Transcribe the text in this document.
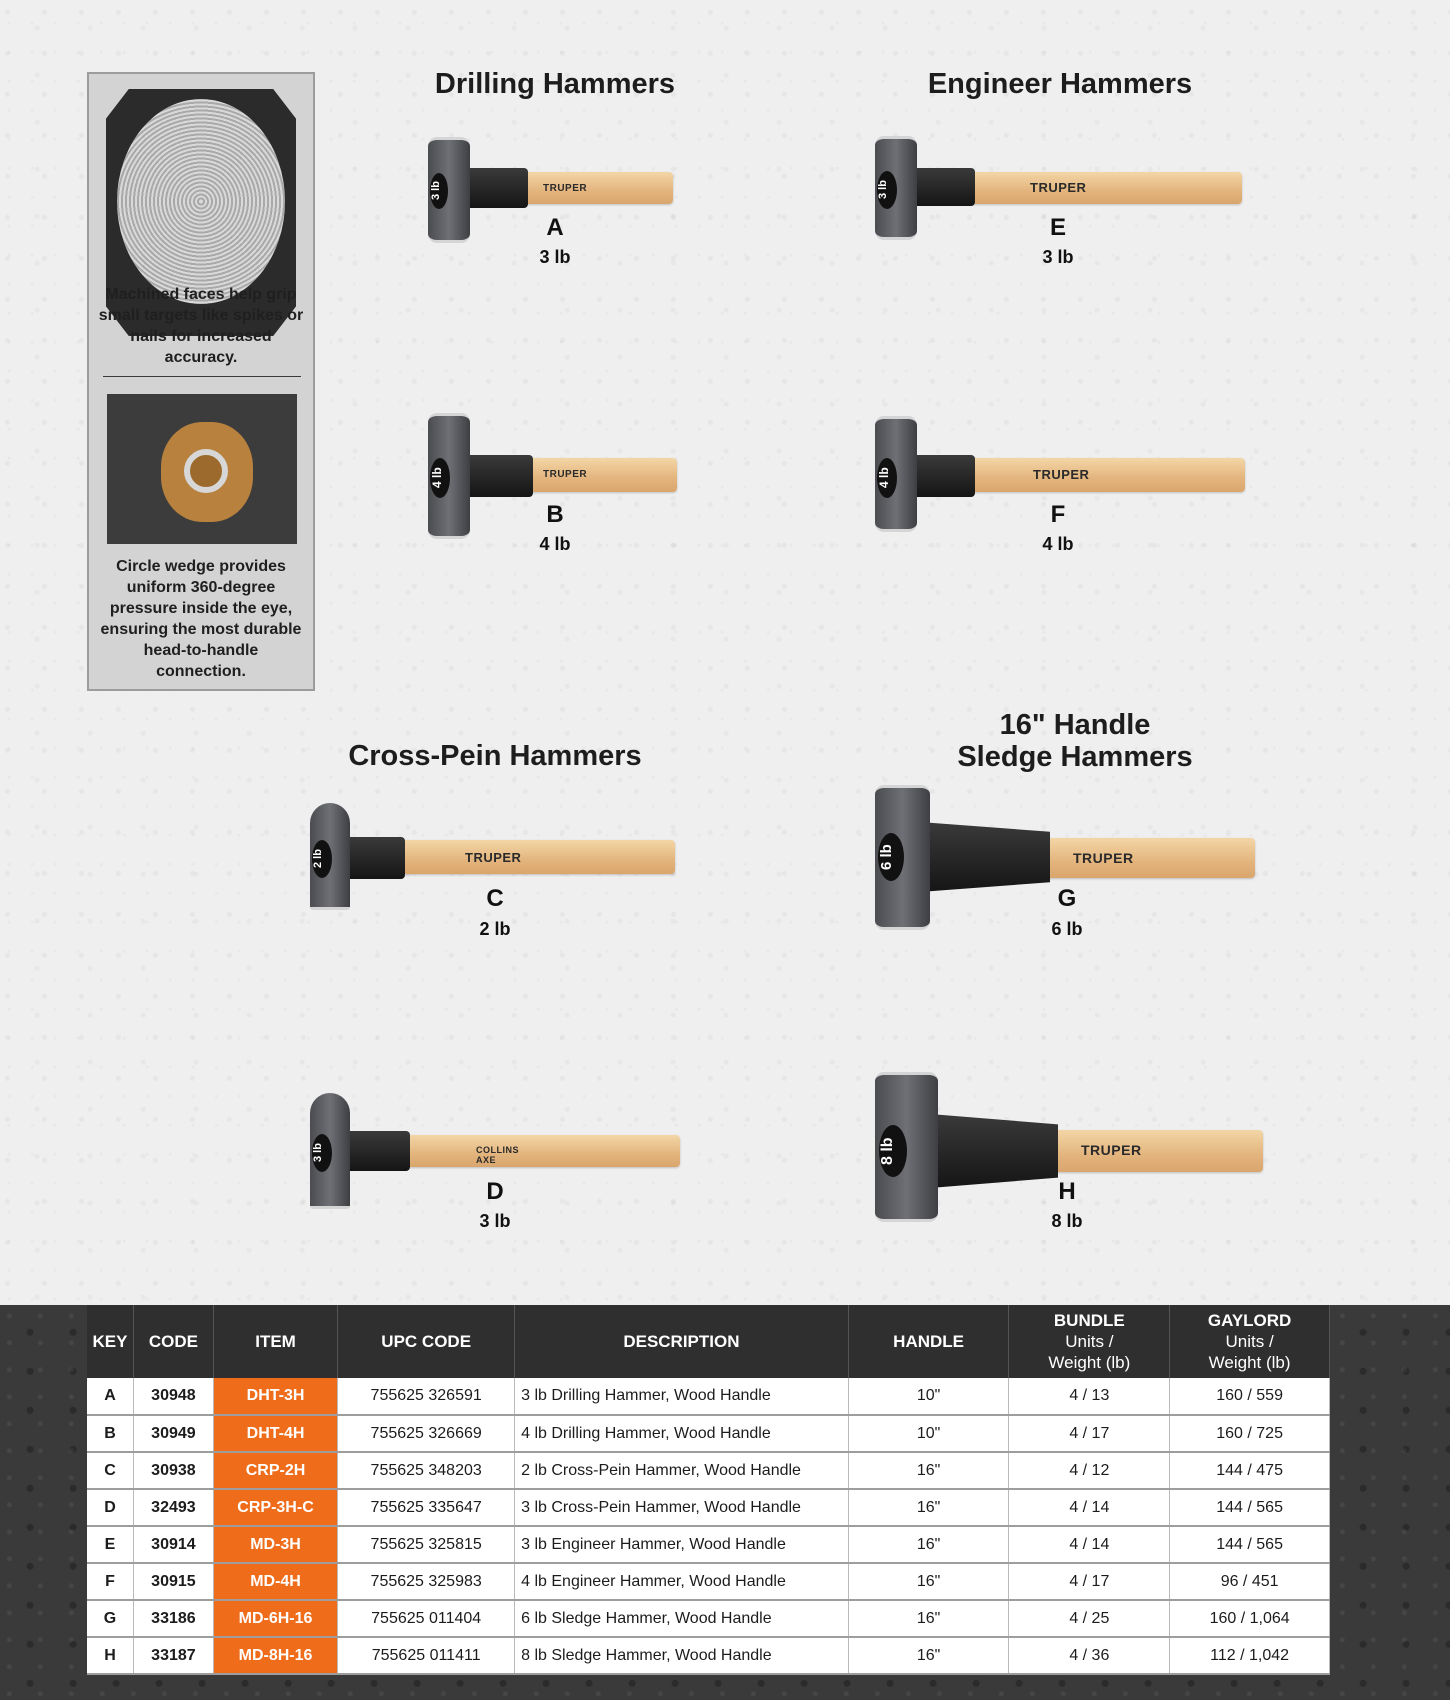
Machined faces help grip small targets like spikes or nails for increased accuracy.
Circle wedge provides uniform 360-degree pressure inside the eye, ensuring the most durable head-to-handle connection.
Drilling Hammers	Engineer Hammers
Cross-Pein Hammers
16" Handle
Sledge Hammers
3 lb	TRUPER
A
3 lb
4 lb	TRUPER
B
4 lb
3 lb	TRUPER
E
3 lb
4 lb	TRUPER
F
4 lb
2 lb	TRUPER
C
2 lb
3 lb	COLLINS AXE
D
3 lb
6 lb	TRUPER
G
6 lb
8 lb	TRUPER
H
8 lb
KEY	CODE	ITEM	UPC CODE	DESCRIPTION	HANDLE	BUNDLE
Units /
Weight (lb)	GAYLORD
Units /
Weight (lb)

A	30948	DHT-3H	755625 326591	3 lb Drilling Hammer, Wood Handle	10"	4 / 13	160 / 559
B	30949	DHT-4H	755625 326669	4 lb Drilling Hammer, Wood Handle	10"	4 / 17	160 / 725
C	30938	CRP-2H	755625 348203	2 lb Cross-Pein Hammer, Wood Handle	16"	4 / 12	144 / 475
D	32493	CRP-3H-C	755625 335647	3 lb Cross-Pein Hammer, Wood Handle	16"	4 / 14	144 / 565
E	30914	MD-3H	755625 325815	3 lb Engineer Hammer, Wood Handle	16"	4 / 14	144 / 565
F	30915	MD-4H	755625 325983	4 lb Engineer Hammer, Wood Handle	16"	4 / 17	96 / 451
G	33186	MD-6H-16	755625 011404	6 lb Sledge Hammer, Wood Handle	16"	4 / 25	160 / 1,064
H	33187	MD-8H-16	755625 011411	8 lb Sledge Hammer, Wood Handle	16"	4 / 36	112 / 1,042
